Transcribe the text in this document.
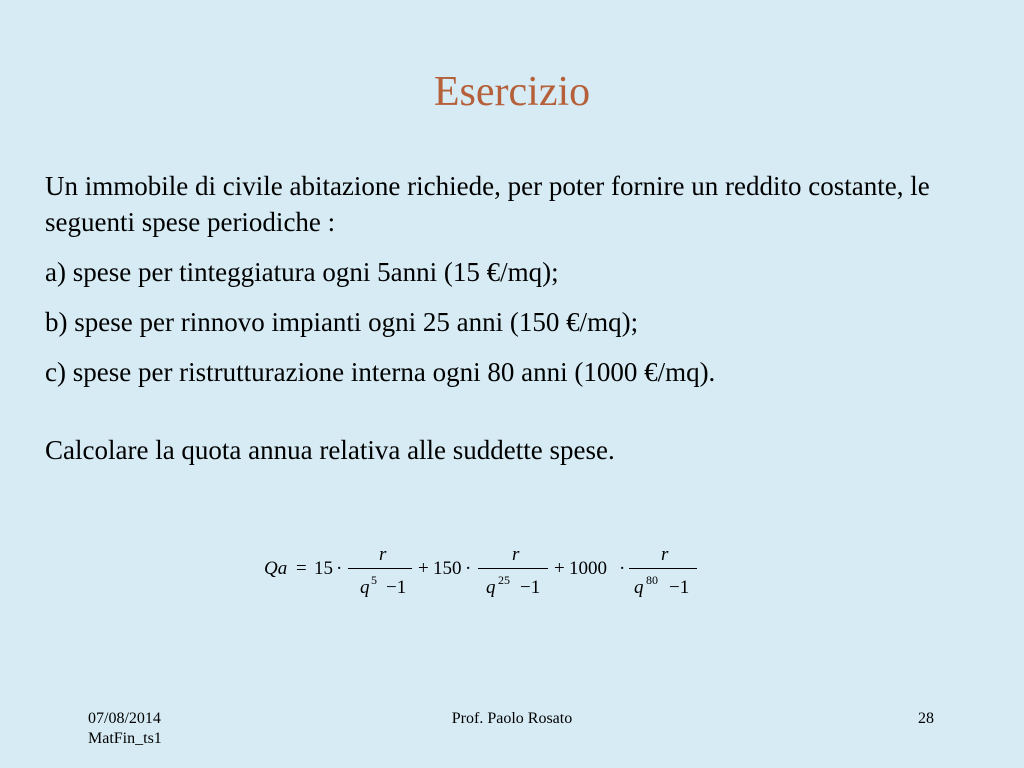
Esercizio

Un immobile di civile abitazione richiede, per poter fornire un reddito costante, le seguenti spese periodiche :

a) spese per tinteggiatura ogni 5anni (15 €/mq);

b) spese per rinnovo impianti ogni 25 anni (150 €/mq);

c) spese per ristrutturazione interna ogni 80 anni (1000 €/mq).

Calcolare la quota annua relativa alle suddette spese.

Qa = 15 ·
r
q 5 −1
+ 150 ·
r
q 25 −1
+ 1000 ·
r
q 80 −1
07/08/2014
MatFin_ts1
Prof. Paolo Rosato	28
